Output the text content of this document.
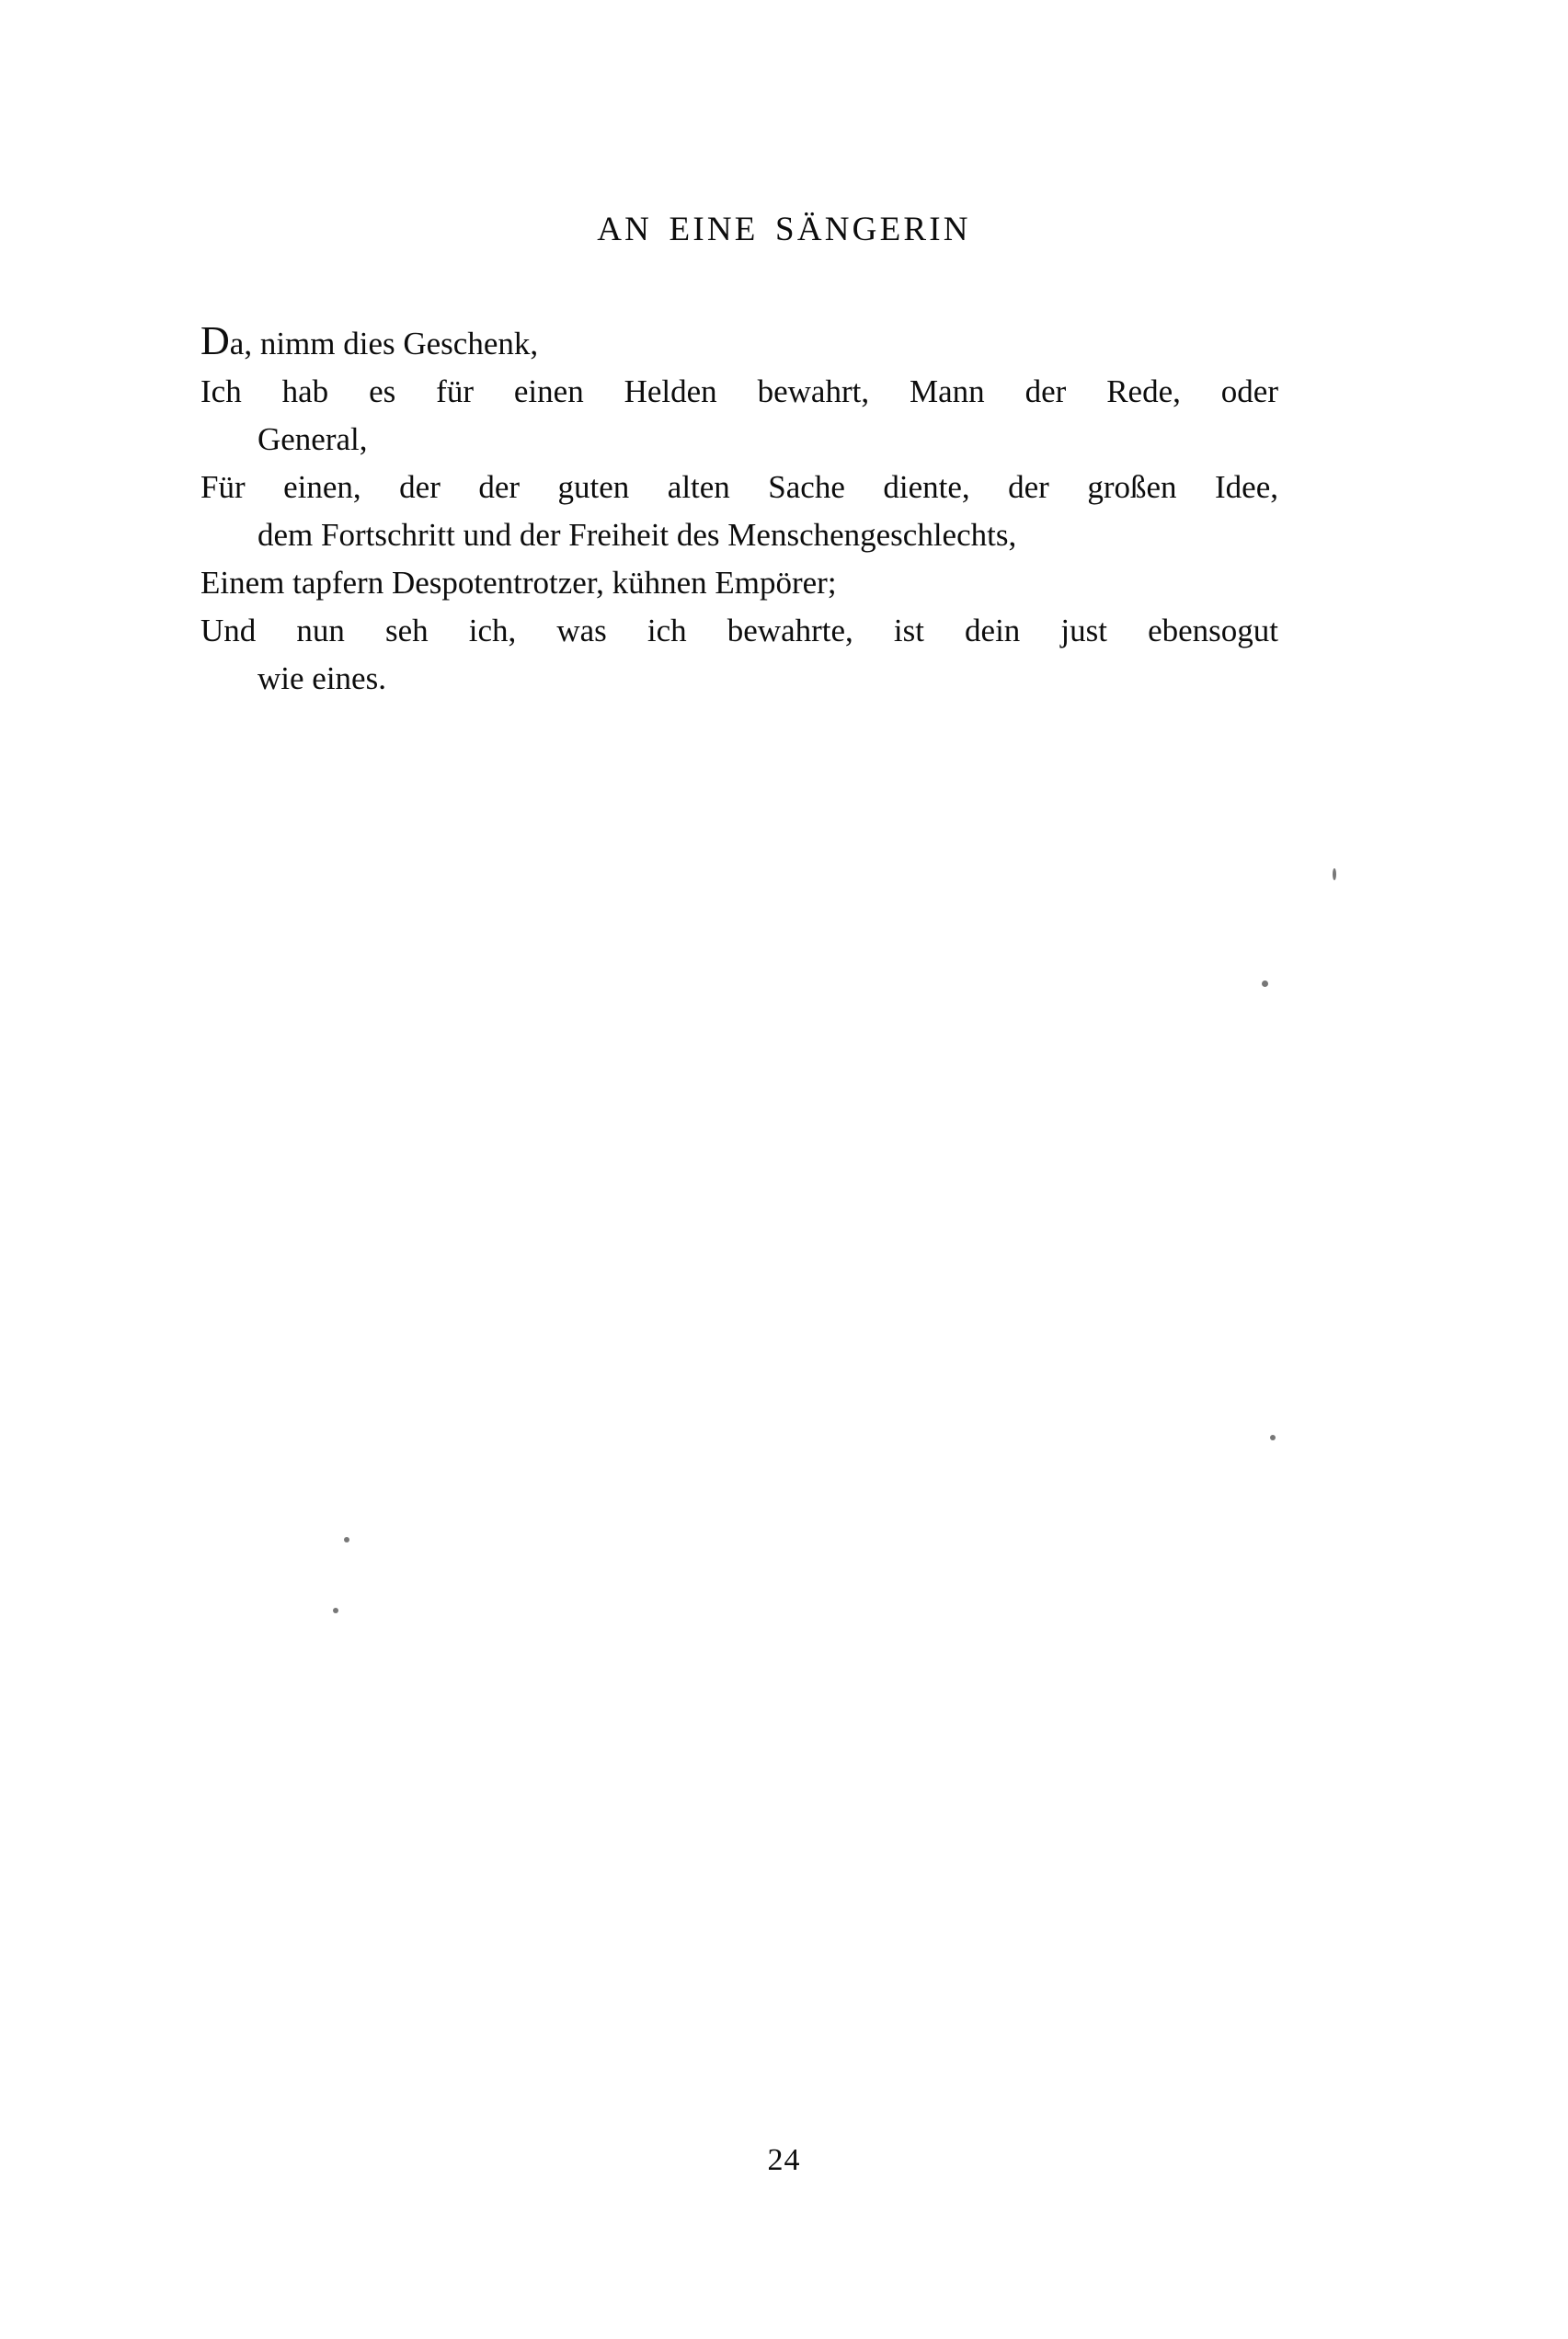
AN EINE SÄNGERIN
Da, nimm dies Geschenk,
Ich hab es für einen Helden bewahrt, Mann der Rede, oder
General,
Für einen, der der guten alten Sache diente, der großen Idee,
dem Fortschritt und der Freiheit des Menschengeschlechts,
Einem tapfern Despotentrotzer, kühnen Empörer;
Und nun seh ich, was ich bewahrte, ist dein just ebensogut
wie eines.
24
